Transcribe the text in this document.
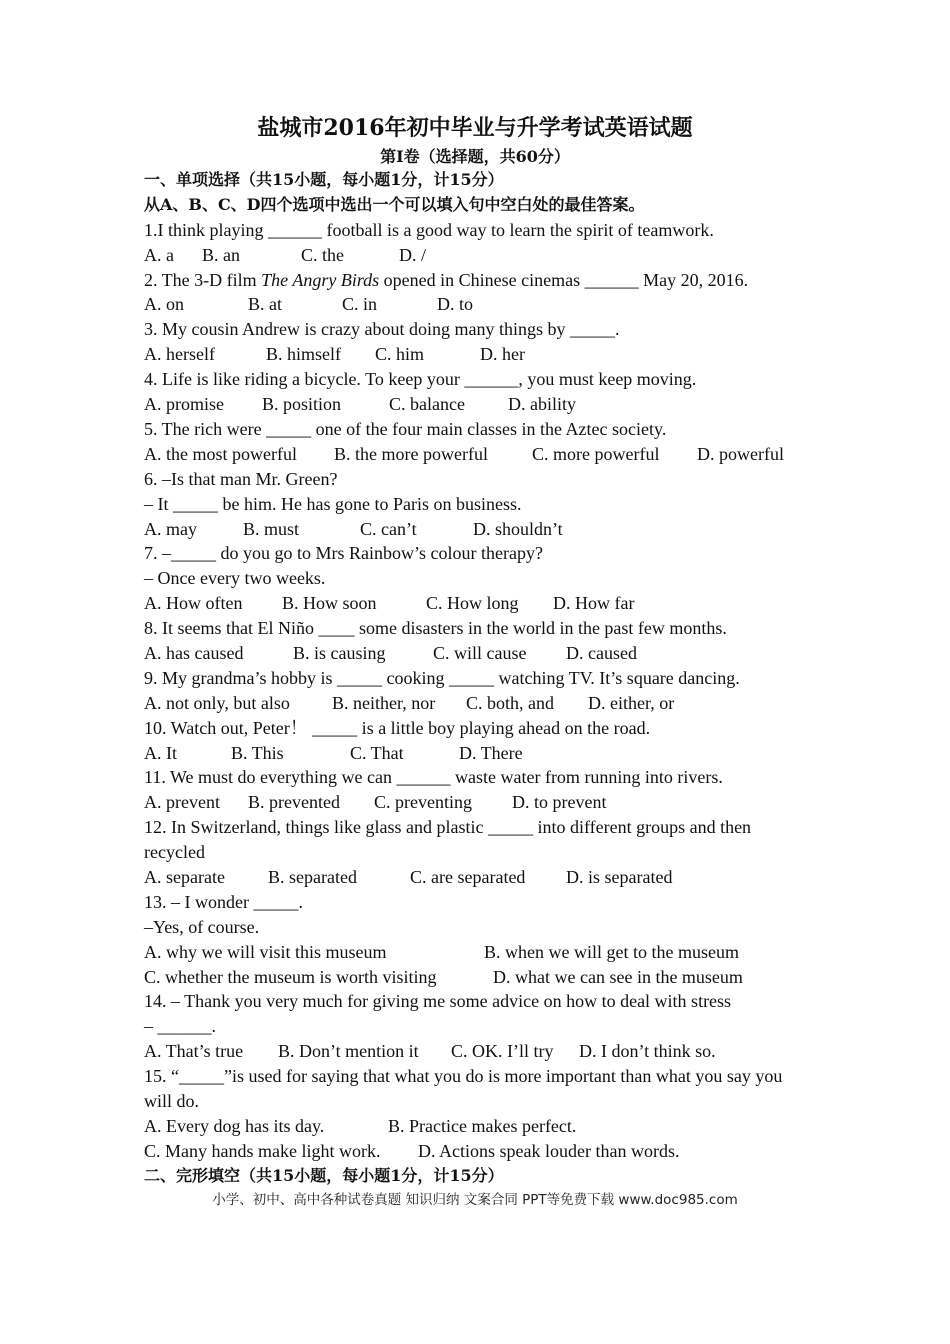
盐城市2016年初中毕业与升学考试英语试题
第I卷（选择题，共60分）
一、单项选择（共15小题，每小题1分，计15分）
从A、B、C、D四个选项中选出一个可以填入句中空白处的最佳答案。
1.I think playing ______ football is a good way to learn the spirit of teamwork.
A. a	B. an	C. the	D. /
2. The 3-D film The Angry Birds opened in Chinese cinemas ______ May 20, 2016.
A. on	B. at	C. in	D. to
3. My cousin Andrew is crazy about doing many things by _____.
A. herself	B. himself	C. him	D. her
4. Life is like riding a bicycle. To keep your ______, you must keep moving.
A. promise	B. position	C. balance	D. ability
5. The rich were _____ one of the four main classes in the Aztec society.
A. the most powerful	B. the more powerful	C. more powerful	D. powerful
6. –Is that man Mr. Green?
– It _____ be him. He has gone to Paris on business.
A. may	B. must	C. can’t	D. shouldn’t
7. –_____ do you go to Mrs Rainbow’s colour therapy?
– Once every two weeks.
A. How often	B. How soon	C. How long	D. How far
8. It seems that El Niño ____ some disasters in the world in the past few months.
A. has caused	B. is causing	C. will cause	D. caused
9. My grandma’s hobby is _____ cooking _____ watching TV. It’s square dancing.
A. not only, but also	B. neither, nor	C. both, and	D. either, or
10. Watch out, Peter！ _____ is a little boy playing ahead on the road.
A. It	B. This	C. That	D. There
11. We must do everything we can ______ waste water from running into rivers.
A. prevent	B. prevented	C. preventing	D. to prevent
12. In Switzerland, things like glass and plastic _____ into different groups and then recycled
A. separate	B. separated	C. are separated	D. is separated
13. – I wonder _____.
–Yes, of course.
A. why we will visit this museum	B. when we will get to the museum
C. whether the museum is worth visiting	D. what we can see in the museum
14. – Thank you very much for giving me some advice on how to deal with stress
– ______.
A. That’s true	B. Don’t mention it	C. OK. I’ll try	D. I don’t think so.
15. “_____”is used for saying that what you do is more important than what you say you will do.
A. Every dog has its day.	B. Practice makes perfect.
C. Many hands make light work.	D. Actions speak louder than words.
二、完形填空（共15小题，每小题1分，计15分）
小学、初中、高中各种试卷真题 知识归纳 文案合同 PPT等免费下载 www.doc985.com
